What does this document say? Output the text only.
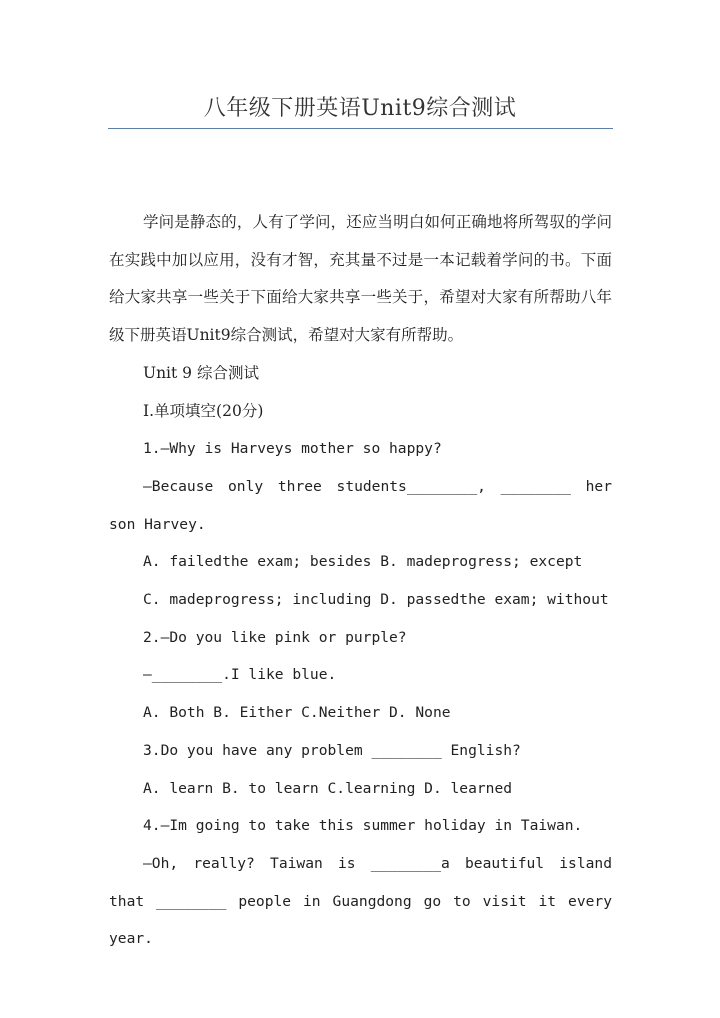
八年级下册英语Unit9综合测试

学问是静态的，人有了学问，还应当明白如何正确地将所驾驭的学问在实践中加以应用，没有才智，充其量不过是一本记载着学问的书。下面给大家共享一些关于下面给大家共享一些关于，希望对大家有所帮助八年级下册英语Unit9综合测试，希望对大家有所帮助。

Unit 9 综合测试

Ⅰ.单项填空(20分)

1.—Why is Harveys mother so happy?

—Because only three students________, ________ her son Harvey.

A. failedthe exam; besides B. madeprogress; except

C. madeprogress; including D. passedthe exam; without

2.—Do you like pink or purple?

—________.I like blue.

A. Both B. Either C.Neither D. None

3.Do you have any problem ________ English?

A. learn B. to learn C.learning D. learned

4.—Im going to take this summer holiday in Taiwan.

—Oh, really? Taiwan is ________a beautiful island that ________ people in Guangdong go to visit it every year.
